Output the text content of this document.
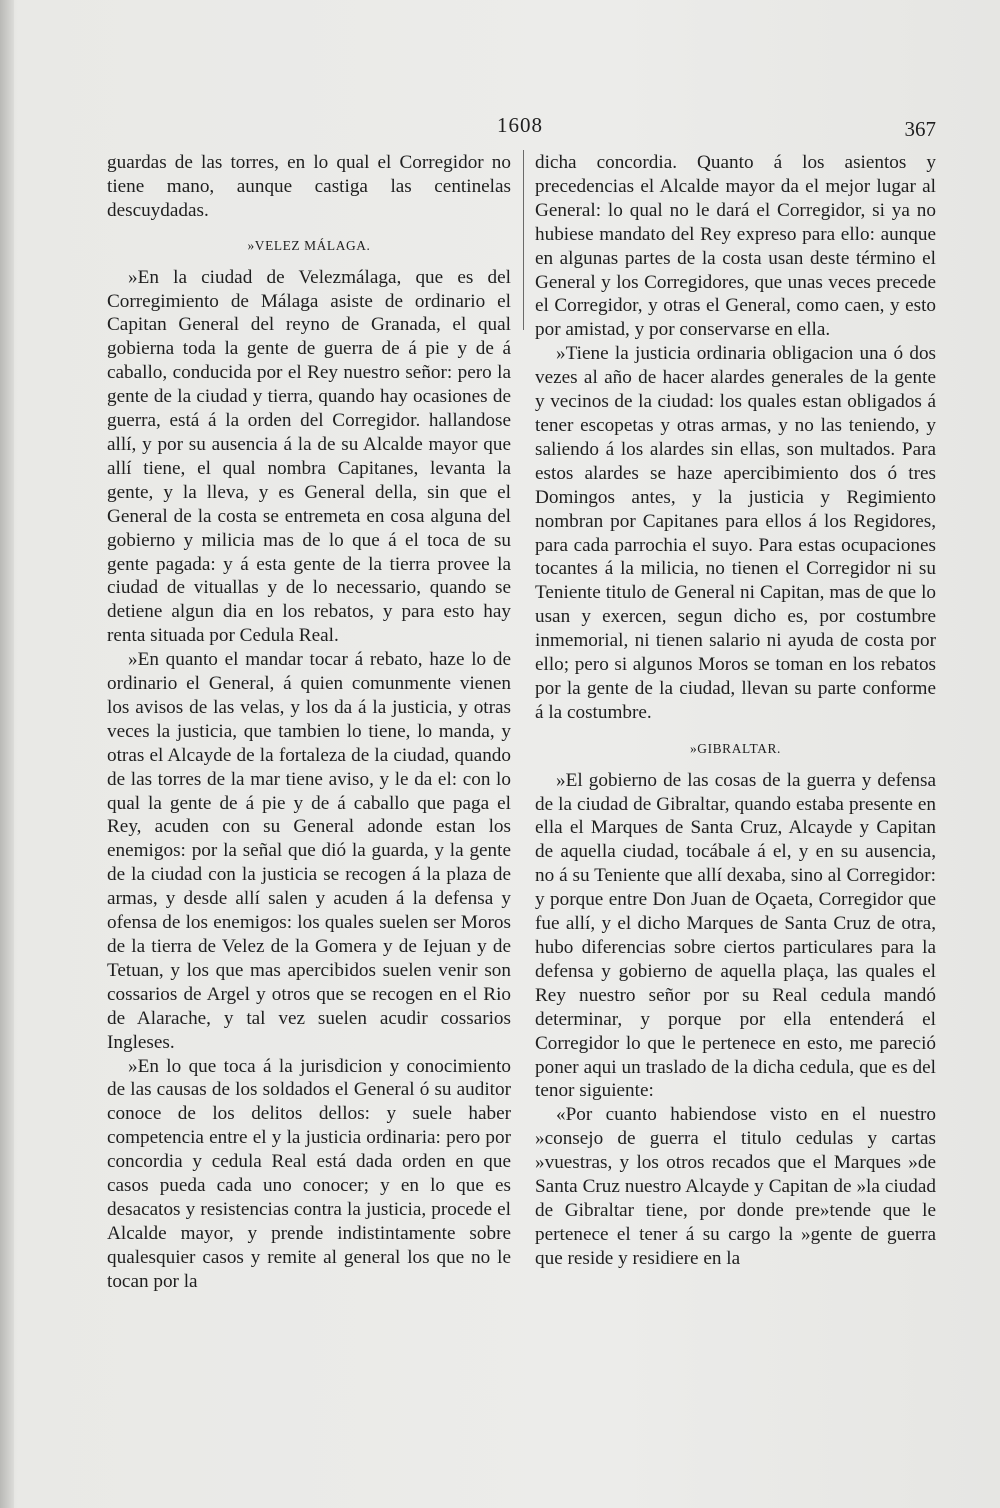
1608	367

guardas de las torres, en lo qual el Corregidor no tiene mano, aunque castiga las centinelas descuydadas.

»VELEZ MÁLAGA.

»En la ciudad de Velezmálaga, que es del Corregimiento de Málaga asiste de ordinario el Capitan General del reyno de Granada, el qual gobierna toda la gente de guerra de á pie y de á caballo, conducida por el Rey nuestro señor: pero la gente de la ciudad y tierra, quando hay ocasiones de guerra, está á la orden del Corregidor. hallandose allí, y por su ausencia á la de su Alcalde mayor que allí tiene, el qual nombra Capitanes, levanta la gente, y la lleva, y es General della, sin que el General de la costa se entremeta en cosa alguna del gobierno y milicia mas de lo que á el toca de su gente pagada: y á esta gente de la tierra provee la ciudad de vituallas y de lo necessario, quando se detiene algun dia en los rebatos, y para esto hay renta situada por Cedula Real.

»En quanto el mandar tocar á rebato, haze lo de ordinario el General, á quien comunmente vienen los avisos de las velas, y los da á la justicia, y otras veces la justicia, que tambien lo tiene, lo manda, y otras el Alcayde de la fortaleza de la ciudad, quando de las torres de la mar tiene aviso, y le da el: con lo qual la gente de á pie y de á caballo que paga el Rey, acuden con su General adonde estan los enemigos: por la señal que dió la guarda, y la gente de la ciudad con la justicia se recogen á la plaza de armas, y desde allí salen y acuden á la defensa y ofensa de los enemigos: los quales suelen ser Moros de la tierra de Velez de la Gomera y de Iejuan y de Tetuan, y los que mas apercibidos suelen venir son cossarios de Argel y otros que se recogen en el Rio de Alarache, y tal vez suelen acudir cossarios Ingleses.

»En lo que toca á la jurisdicion y conocimiento de las causas de los soldados el General ó su auditor conoce de los delitos dellos: y suele haber competencia entre el y la justicia ordinaria: pero por concordia y cedula Real está dada orden en que casos pueda cada uno conocer; y en lo que es desacatos y resistencias contra la justicia, procede el Alcalde mayor, y prende indistintamente sobre qualesquier casos y remite al general los que no le tocan por la

dicha concordia. Quanto á los asientos y precedencias el Alcalde mayor da el mejor lugar al General: lo qual no le dará el Corregidor, si ya no hubiese mandato del Rey expreso para ello: aunque en algunas partes de la costa usan deste término el General y los Corregidores, que unas veces precede el Corregidor, y otras el General, como caen, y esto por amistad, y por conservarse en ella.

»Tiene la justicia ordinaria obligacion una ó dos vezes al año de hacer alardes generales de la gente y vecinos de la ciudad: los quales estan obligados á tener escopetas y otras armas, y no las teniendo, y saliendo á los alardes sin ellas, son multados. Para estos alardes se haze apercibimiento dos ó tres Domingos antes, y la justicia y Regimiento nombran por Capitanes para ellos á los Regidores, para cada parrochia el suyo. Para estas ocupaciones tocantes á la milicia, no tienen el Corregidor ni su Teniente titulo de General ni Capitan, mas de que lo usan y exercen, segun dicho es, por costumbre inmemorial, ni tienen salario ni ayuda de costa por ello; pero si algunos Moros se toman en los rebatos por la gente de la ciudad, llevan su parte conforme á la costumbre.

»GIBRALTAR.

»El gobierno de las cosas de la guerra y defensa de la ciudad de Gibraltar, quando estaba presente en ella el Marques de Santa Cruz, Alcayde y Capitan de aquella ciudad, tocábale á el, y en su ausencia, no á su Teniente que allí dexaba, sino al Corregidor: y porque entre Don Juan de Oçaeta, Corregidor que fue allí, y el dicho Marques de Santa Cruz de otra, hubo diferencias sobre ciertos particulares para la defensa y gobierno de aquella plaça, las quales el Rey nuestro señor por su Real cedula mandó determinar, y porque por ella entenderá el Corregidor lo que le pertenece en esto, me pareció poner aqui un traslado de la dicha cedula, que es del tenor siguiente:

«Por cuanto habiendose visto en el nuestro »consejo de guerra el titulo cedulas y cartas »vuestras, y los otros recados que el Marques »de Santa Cruz nuestro Alcayde y Capitan de »la ciudad de Gibraltar tiene, por donde pre»tende que le pertenece el tener á su cargo la »gente de guerra que reside y residiere en la
